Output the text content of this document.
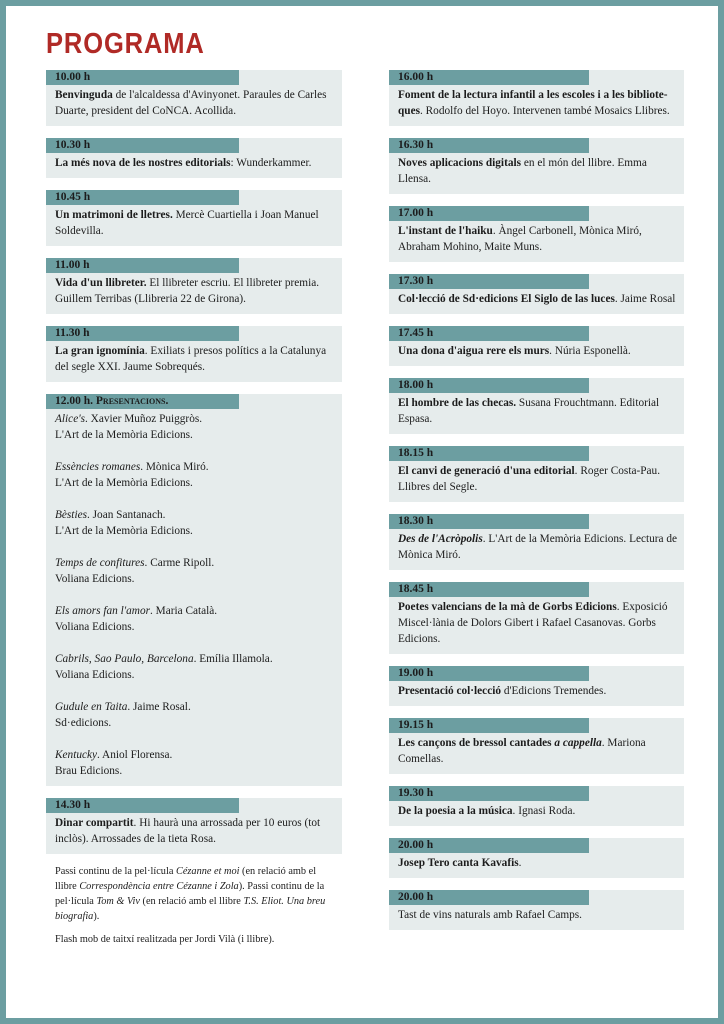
PROGRAMA
10.00 h
Benvinguda de l'alcaldessa d'Avinyonet. Paraules de Carles Duarte, president del CoNCA. Acollida.
10.30 h
La més nova de les nostres editorials: Wunderkammer.
10.45 h
Un matrimoni de lletres. Mercè Cuartiella i Joan Manuel Soldevilla.
11.00 h
Vida d'un llibreter. El llibreter escriu. El llibreter premia. Guillem Terribas (Llibreria 22 de Girona).
11.30 h
La gran ignomínia. Exiliats i presos polítics a la Catalunya del segle XXI. Jaume Sobrequés.
12.00 h. Presentacions.
Alice's. Xavier Muñoz Puiggròs.
L'Art de la Memòria Edicions.
Essències romanes. Mònica Miró.
L'Art de la Memòria Edicions.
Bèsties. Joan Santanach.
L'Art de la Memòria Edicions.
Temps de confitures. Carme Ripoll.
Voliana Edicions.
Els amors fan l'amor. Maria Català.
Voliana Edicions.
Cabrils, Sao Paulo, Barcelona. Emília Illamola.
Voliana Edicions.
Gudule en Taita. Jaime Rosal.
Sd·edicions.
Kentucky. Aniol Florensa.
Brau Edicions.
14.30 h
Dinar compartit. Hi haurà una arrossada per 10 euros (tot inclòs). Arrossades de la tieta Rosa.

Passi continu de la pel·lícula Cézanne et moi (en relació amb el llibre Correspondència entre Cézanne i Zola). Passi continu de la pel·lícula Tom & Viv (en relació amb el llibre T.S. Eliot. Una breu biografia).

Flash mob de taitxí realitzada per Jordi Vilà (i llibre).

16.00 h
Foment de la lectura infantil a les escoles i a les bibliote-ques. Rodolfo del Hoyo. Intervenen també Mosaics Llibres.
16.30 h
Noves aplicacions digitals en el món del llibre. Emma Llensa.
17.00 h
L'instant de l'haiku. Àngel Carbonell, Mònica Miró, Abraham Mohino, Maite Muns.
17.30 h
Col·lecció de Sd·edicions El Siglo de las luces. Jaime Rosal
17.45 h
Una dona d'aigua rere els murs. Núria Esponellà.
18.00 h
El hombre de las checas. Susana Frouchtmann. Editorial Espasa.
18.15 h
El canvi de generació d'una editorial. Roger Costa-Pau. Llibres del Segle.
18.30 h
Des de l'Acròpolis. L'Art de la Memòria Edicions. Lectura de Mònica Miró.
18.45 h
Poetes valencians de la mà de Gorbs Edicions. Exposició Miscel·lània de Dolors Gibert i Rafael Casanovas. Gorbs Edicions.
19.00 h
Presentació col·lecció d'Edicions Tremendes.
19.15 h
Les cançons de bressol cantades a cappella. Mariona Comellas.
19.30 h
De la poesia a la música. Ignasi Roda.
20.00 h
Josep Tero canta Kavafis.
20.00 h
Tast de vins naturals amb Rafael Camps.
